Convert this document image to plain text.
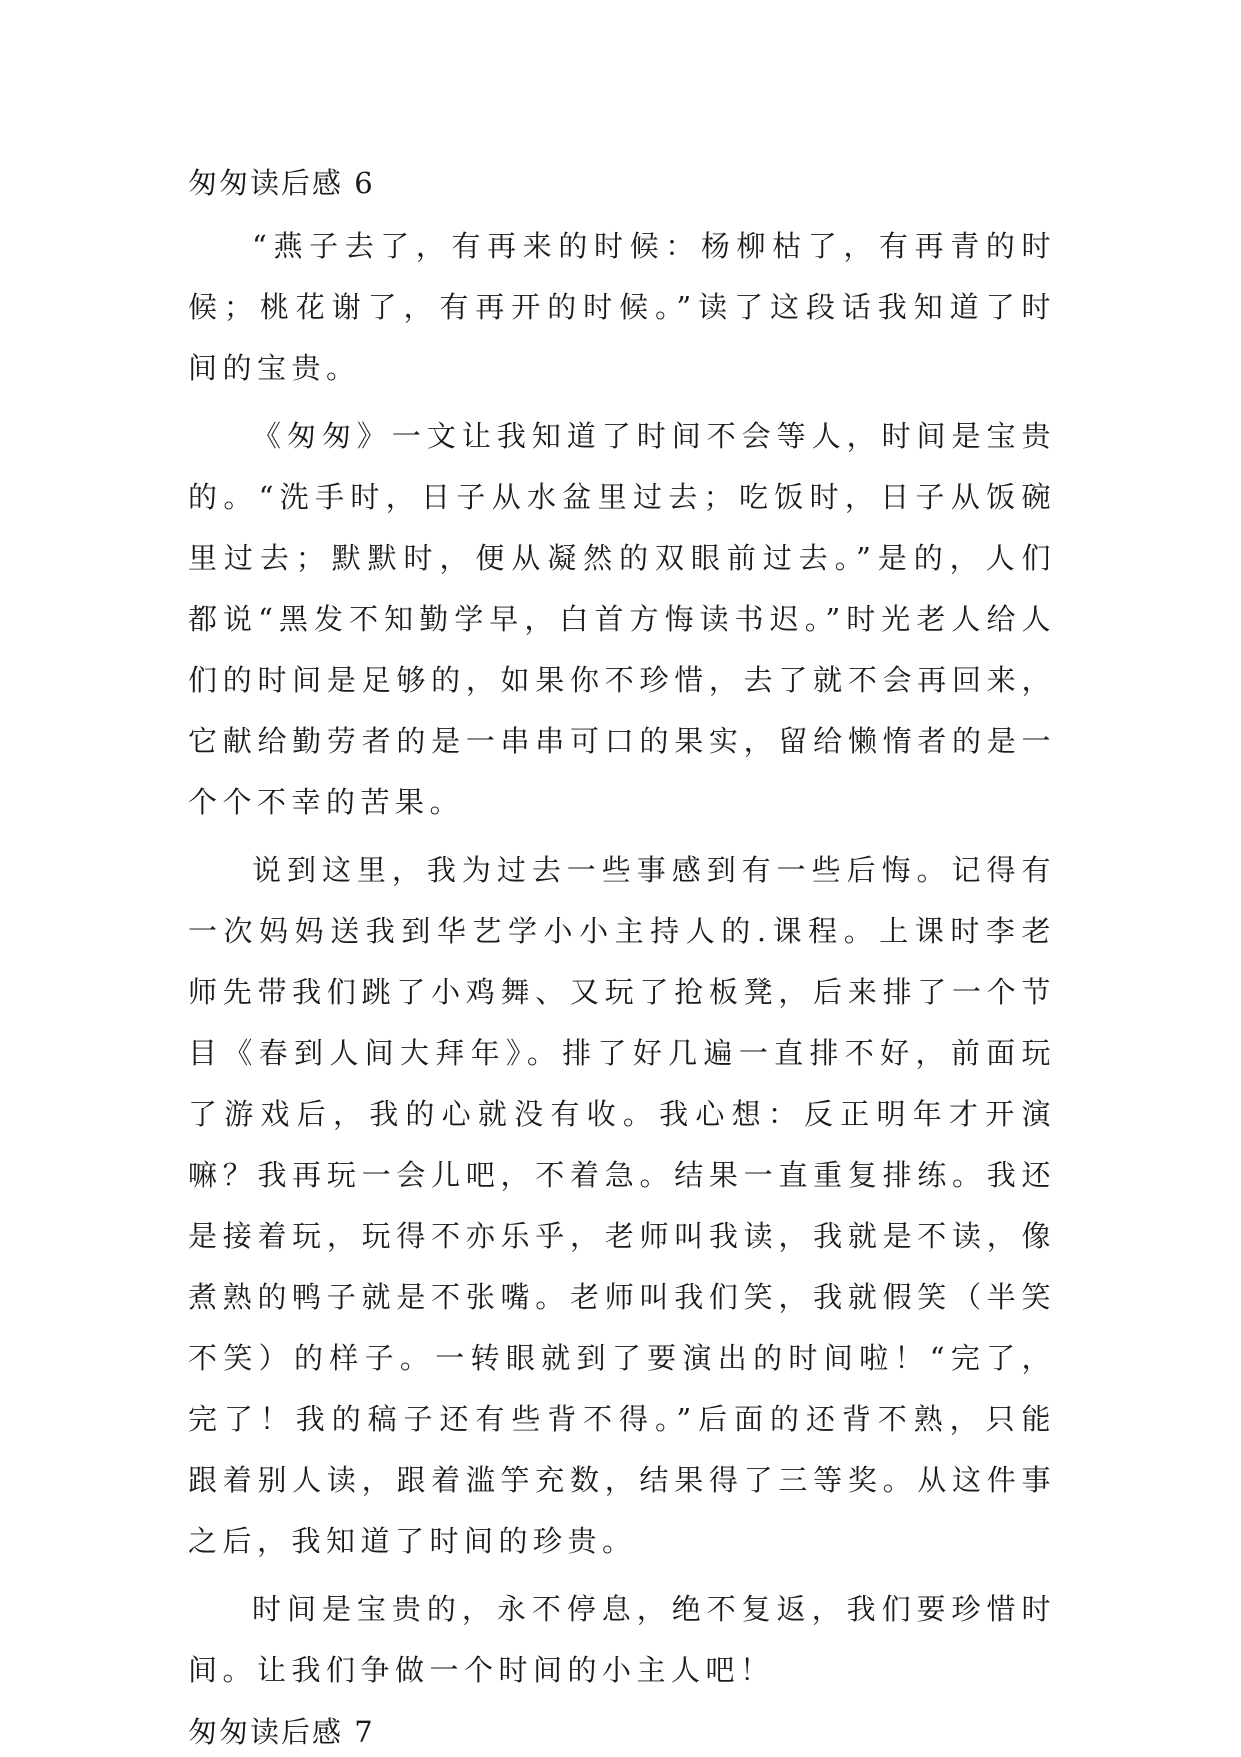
匆匆读后感 6

“燕子去了，有再来的时候：杨柳枯了，有再青的时候；桃花谢了，有再开的时候。”读了这段话我知道了时间的宝贵。

《匆匆》一文让我知道了时间不会等人，时间是宝贵的。“洗手时，日子从水盆里过去；吃饭时，日子从饭碗里过去；默默时，便从凝然的双眼前过去。”是的，人们都说“黑发不知勤学早，白首方悔读书迟。”时光老人给人们的时间是足够的，如果你不珍惜，去了就不会再回来，它献给勤劳者的是一串串可口的果实，留给懒惰者的是一个个不幸的苦果。

说到这里，我为过去一些事感到有一些后悔。记得有一次妈妈送我到华艺学小小主持人的.课程。上课时李老师先带我们跳了小鸡舞、又玩了抢板凳，后来排了一个节目《春到人间大拜年》。排了好几遍一直排不好，前面玩了游戏后，我的心就没有收。我心想：反正明年才开演嘛？我再玩一会儿吧，不着急。结果一直重复排练。我还是接着玩，玩得不亦乐乎，老师叫我读，我就是不读，像煮熟的鸭子就是不张嘴。老师叫我们笑，我就假笑（半笑不笑）的样子。一转眼就到了要演出的时间啦！“完了，完了！我的稿子还有些背不得。”后面的还背不熟，只能跟着别人读，跟着滥竽充数，结果得了三等奖。从这件事之后，我知道了时间的珍贵。

时间是宝贵的，永不停息，绝不复返，我们要珍惜时间。让我们争做一个时间的小主人吧！

匆匆读后感 7
